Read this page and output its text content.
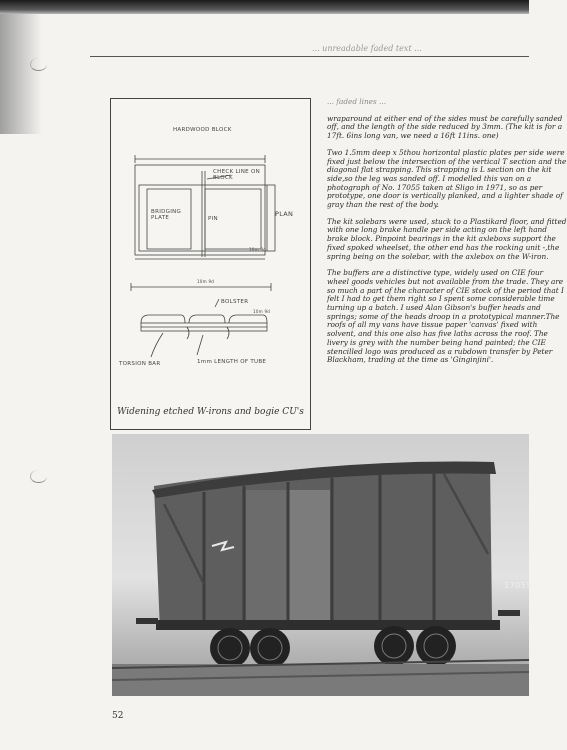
... unreadable faded text ...
HARDWOOD BLOCK
CHECK LINE ON BLOCK
BRIDGING PLATE	PIN
PLAN
10m 9d
10m 9d
BOLSTER
10m 9d
TORSION BAR	1mm LENGTH OF TUBE
Widening etched W-irons and bogie CU's

... faded lines ...

wraparound at either end of the sides must be carefully sanded off, and the length of the side reduced by 3mm. (The kit is for a 17ft. 6ins long van, we need a 16ft 11ins. one)

Two 1.5mm deep x 5thou horizontal plastic plates per side were fixed just below the intersection of the vertical T section and the diagonal flat strapping. This strapping is L section on the kit side,so the leg was sanded off. I modelled this van on a photograph of No. 17055 taken at Sligo in 1971, so as per prototype, one door is vertically planked, and a lighter shade of gray than the rest of the body.

The kit solebars were used, stuck to a Plastikard floor, and fitted with one long brake handle per side acting on the left hand brake block. Pinpoint bearings in the kit axleboxs support the fixed spoked wheelset, the other end has the rocking unit -,the spring being on the solebar, with the axlebox on the W-iron.

The buffers are a distinctive type, widely used on CIE four wheel goods vehicles but not available from the trade. They are so much a part of the character of CIE stock of the period that I felt I had to get them right so I spent some considerable time turning up a batch. I used Alan Gibson's buffer heads and springs; some of the heads droop in a prototypical manner.The roofs of all my vans have tissue paper 'canvas' fixed with solvent, and this one also has five laths across the roof. The livery is grey with the number being hand painted; the CIE stencilled logo was produced as a rubdown transfer by Peter Blackham, trading at the time as 'Ginginjini'.

17055
52
